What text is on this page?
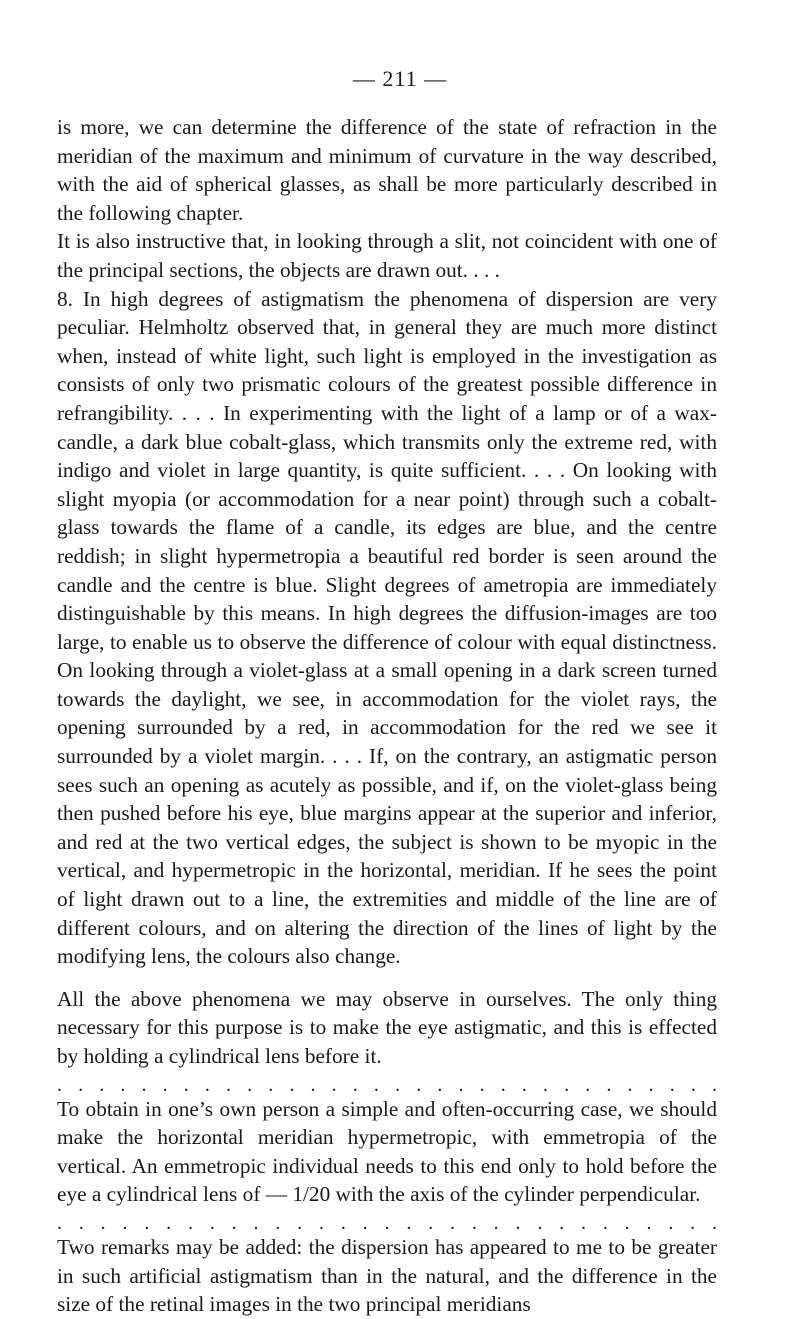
— 211 —

is more, we can determine the difference of the state of refraction in the meridian of the maximum and minimum of curvature in the way described, with the aid of spherical glasses, as shall be more particularly described in the following chapter.

It is also instructive that, in looking through a slit, not coincident with one of the principal sections, the objects are drawn out. . . .

8. In high degrees of astigmatism the phenomena of dispersion are very peculiar. Helmholtz observed that, in general they are much more distinct when, instead of white light, such light is employed in the investigation as consists of only two prismatic colours of the greatest possible difference in refrangibility. . . . In experimenting with the light of a lamp or of a wax-candle, a dark blue cobalt-glass, which transmits only the extreme red, with indigo and violet in large quantity, is quite sufficient. . . . On looking with slight myopia (or accommodation for a near point) through such a cobalt-glass towards the flame of a candle, its edges are blue, and the centre reddish; in slight hypermetropia a beautiful red border is seen around the candle and the centre is blue. Slight degrees of ametropia are immediately distinguishable by this means. In high degrees the diffusion-images are too large, to enable us to observe the difference of colour with equal distinctness. On looking through a violet-glass at a small opening in a dark screen turned towards the daylight, we see, in accommodation for the violet rays, the opening surrounded by a red, in accommodation for the red we see it surrounded by a violet margin. . . . If, on the contrary, an astigmatic person sees such an opening as acutely as possible, and if, on the violet-glass being then pushed before his eye, blue margins appear at the superior and inferior, and red at the two vertical edges, the subject is shown to be myopic in the vertical, and hypermetropic in the horizontal, meridian. If he sees the point of light drawn out to a line, the extremities and middle of the line are of different colours, and on altering the direction of the lines of light by the modifying lens, the colours also change.

All the above phenomena we may observe in ourselves. The only thing necessary for this purpose is to make the eye astigmatic, and this is effected by holding a cylindrical lens before it.

. . . . . . . . . . . . . . . . . . . . . . . . . . . . . . . .

To obtain in one’s own person a simple and often-occurring case, we should make the horizontal meridian hypermetropic, with emmetropia of the vertical. An emmetropic individual needs to this end only to hold before the eye a cylindrical lens of — 1/20 with the axis of the cylinder perpendicular.

. . . . . . . . . . . . . . . . . . . . . . . . . . . . . . .

Two remarks may be added: the dispersion has appeared to me to be greater in such artificial astigmatism than in the natural, and the difference in the size of the retinal images in the two principal meridians
